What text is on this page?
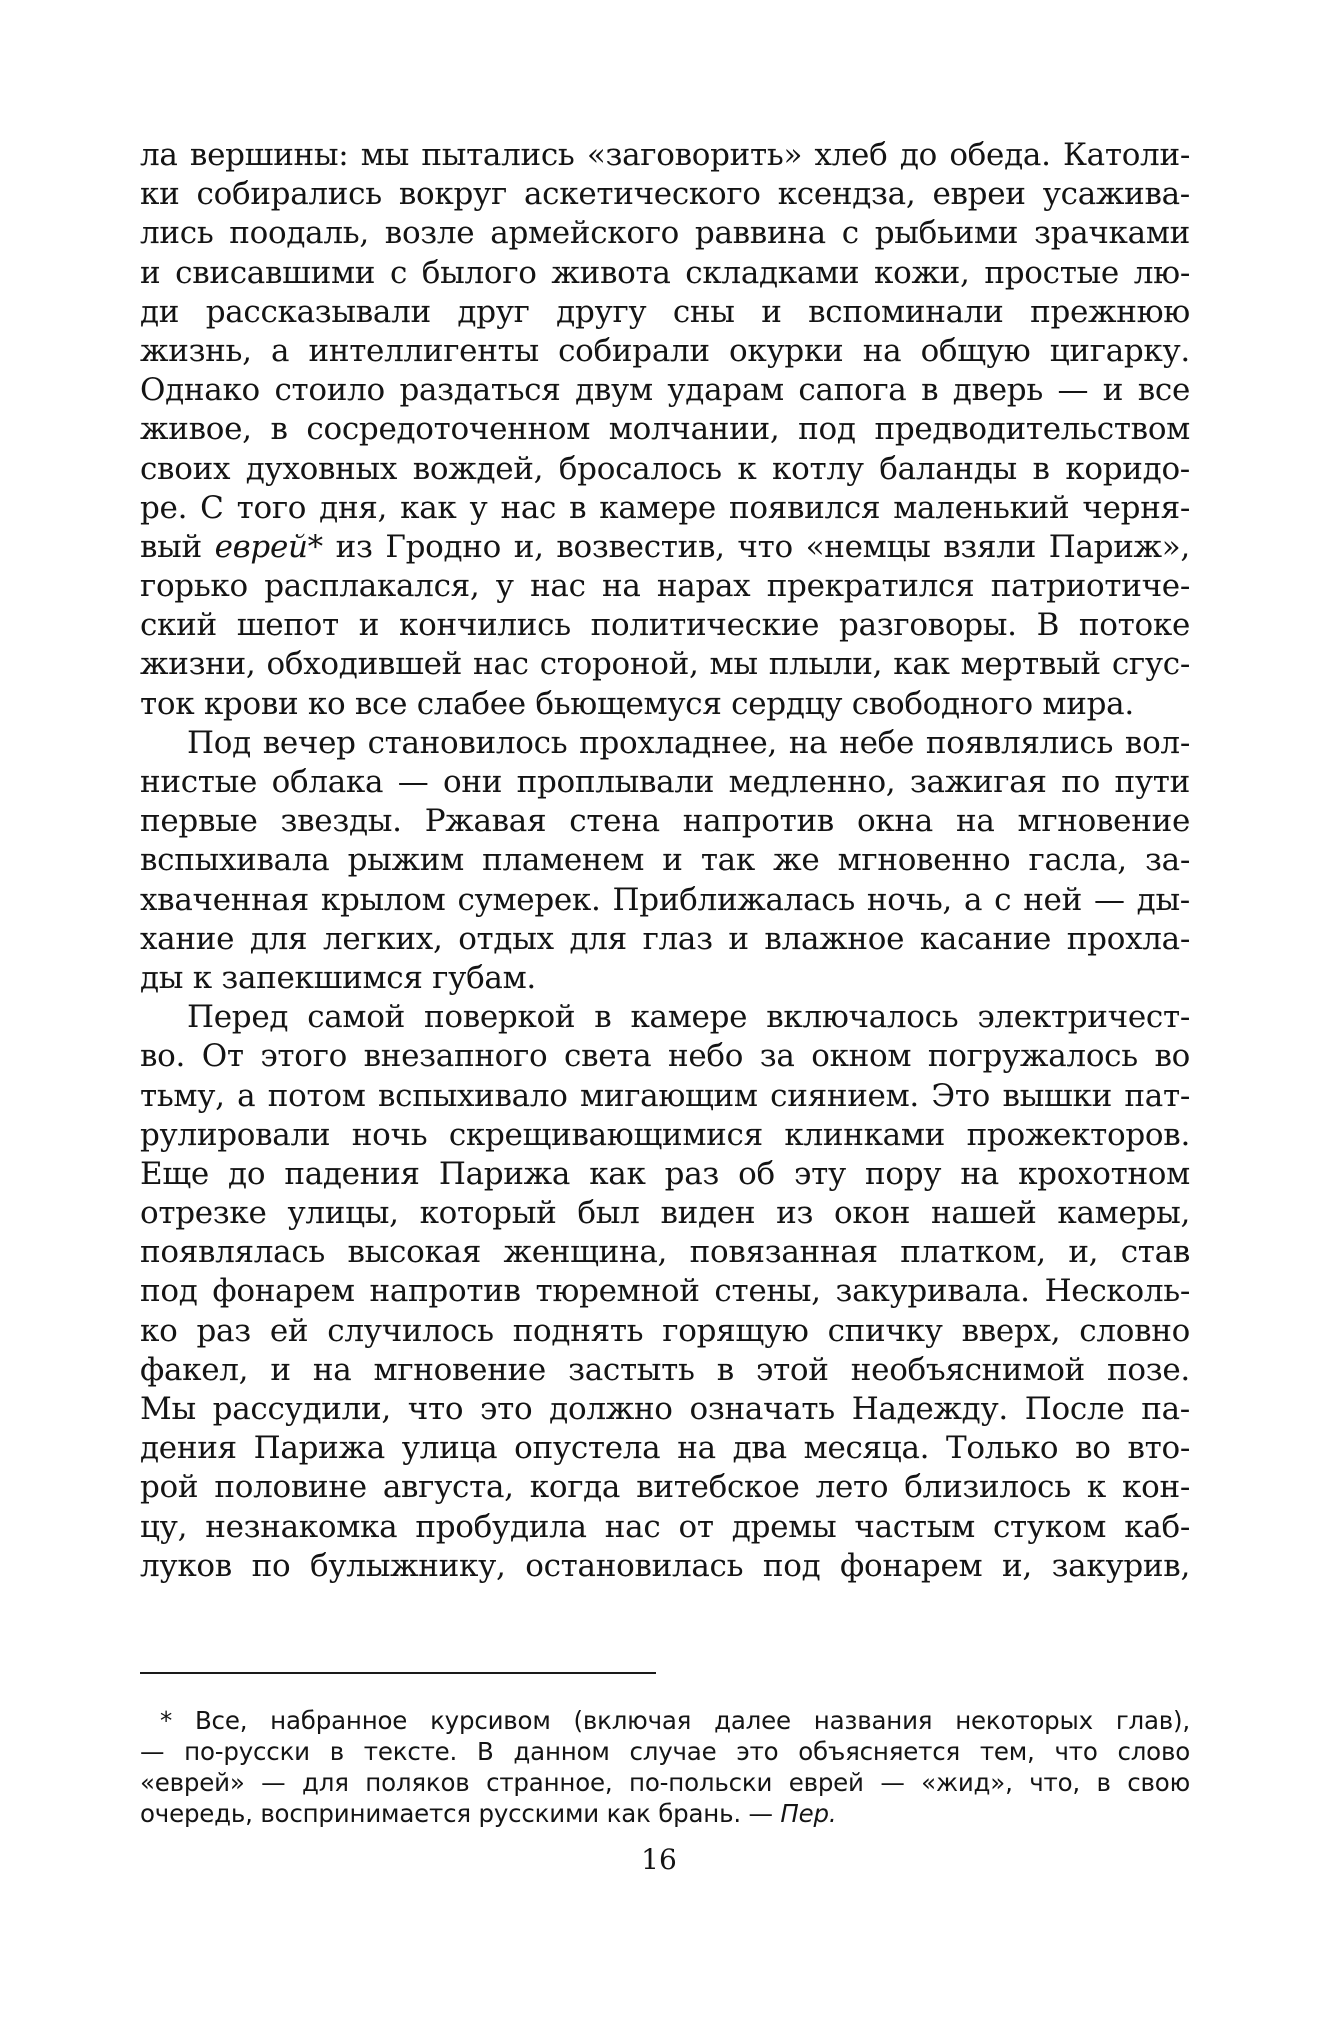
ла вершины: мы пытались «заговорить» хлеб до обеда. Католи-
ки собирались вокруг аскетического ксендза, евреи усажива-
лись поодаль, возле армейского раввина с рыбьими зрачками
и свисавшими с былого живота складками кожи, простые лю-
ди рассказывали друг другу сны и вспоминали прежнюю
жизнь, а интеллигенты собирали окурки на общую цигарку.
Однако стоило раздаться двум ударам сапога в дверь — и все
живое, в сосредоточенном молчании, под предводительством
своих духовных вождей, бросалось к котлу баланды в коридо-
ре. С того дня, как у нас в камере появился маленький черня-
вый еврей* из Гродно и, возвестив, что «немцы взяли Париж»,
горько расплакался, у нас на нарах прекратился патриотиче-
ский шепот и кончились политические разговоры. В потоке
жизни, обходившей нас стороной, мы плыли, как мертвый сгус-
ток крови ко все слабее бьющемуся сердцу свободного мира.
Под вечер становилось прохладнее, на небе появлялись вол-
нистые облака — они проплывали медленно, зажигая по пути
первые звезды. Ржавая стена напротив окна на мгновение
вспыхивала рыжим пламенем и так же мгновенно гасла, за-
хваченная крылом сумерек. Приближалась ночь, а с ней — ды-
хание для легких, отдых для глаз и влажное касание прохла-
ды к запекшимся губам.
Перед самой поверкой в камере включалось электричест-
во. От этого внезапного света небо за окном погружалось во
тьму, а потом вспыхивало мигающим сиянием. Это вышки пат-
рулировали ночь скрещивающимися клинками прожекторов.
Еще до падения Парижа как раз об эту пору на крохотном
отрезке улицы, который был виден из окон нашей камеры,
появлялась высокая женщина, повязанная платком, и, став
под фонарем напротив тюремной стены, закуривала. Несколь-
ко раз ей случилось поднять горящую спичку вверх, словно
факел, и на мгновение застыть в этой необъяснимой позе.
Мы рассудили, что это должно означать Надежду. После па-
дения Парижа улица опустела на два месяца. Только во вто-
рой половине августа, когда витебское лето близилось к кон-
цу, незнакомка пробудила нас от дремы частым стуком каб-
луков по булыжнику, остановилась под фонарем и, закурив,
* Все, набранное курсивом (включая далее названия некоторых глав),
— по-русски в тексте. В данном случае это объясняется тем, что слово
«еврей» — для поляков странное, по-польски еврей — «жид», что, в свою
очередь, воспринимается русскими как брань. — Пер.
16
